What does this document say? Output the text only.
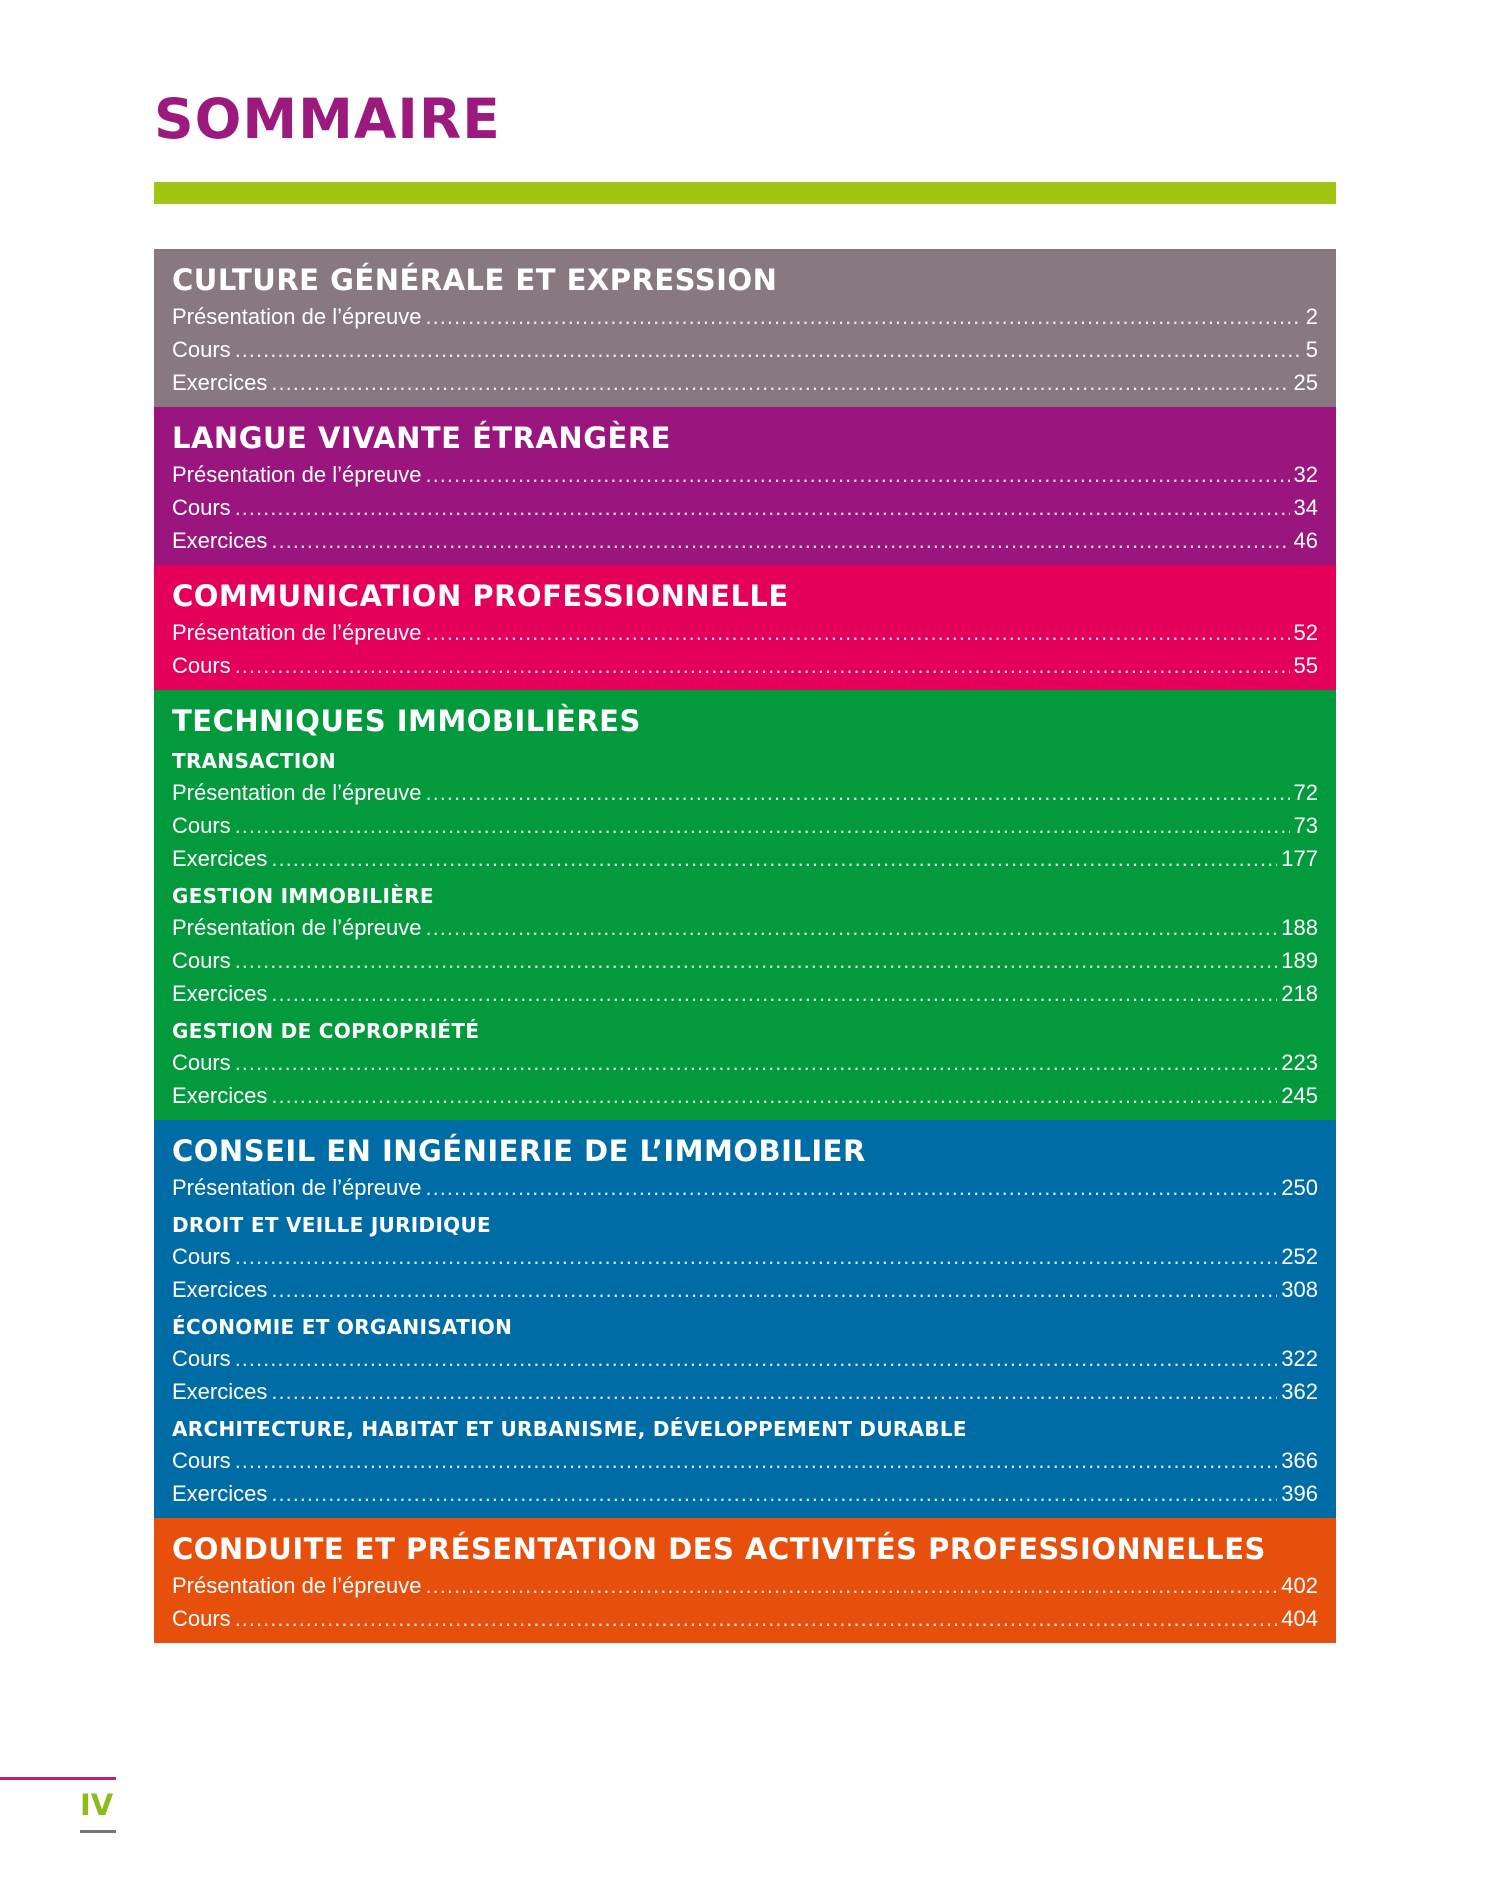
SOMMAIRE
CULTURE GÉNÉRALE ET EXPRESSION
Présentation de l’épreuve .....	2
Cours .....	5
Exercices .....	25
LANGUE VIVANTE ÉTRANGÈRE
Présentation de l’épreuve .....	32
Cours .....	34
Exercices .....	46
COMMUNICATION PROFESSIONNELLE
Présentation de l’épreuve .....	52
Cours .....	55
TECHNIQUES IMMOBILIÈRES
TRANSACTION
Présentation de l’épreuve .....	72
Cours .....	73
Exercices .....	177
GESTION IMMOBILIÈRE
Présentation de l’épreuve .....	188
Cours .....	189
Exercices .....	218
GESTION DE COPROPRIÉTÉ
Cours .....	223
Exercices .....	245
CONSEIL EN INGÉNIERIE DE L’IMMOBILIER
Présentation de l’épreuve .....	250
DROIT ET VEILLE JURIDIQUE
Cours .....	252
Exercices .....	308
ÉCONOMIE ET ORGANISATION
Cours .....	322
Exercices .....	362
ARCHITECTURE, HABITAT ET URBANISME, DÉVELOPPEMENT DURABLE
Cours .....	366
Exercices .....	396
CONDUITE ET PRÉSENTATION DES ACTIVITÉS PROFESSIONNELLES
Présentation de l’épreuve .....	402
Cours .....	404
IV
